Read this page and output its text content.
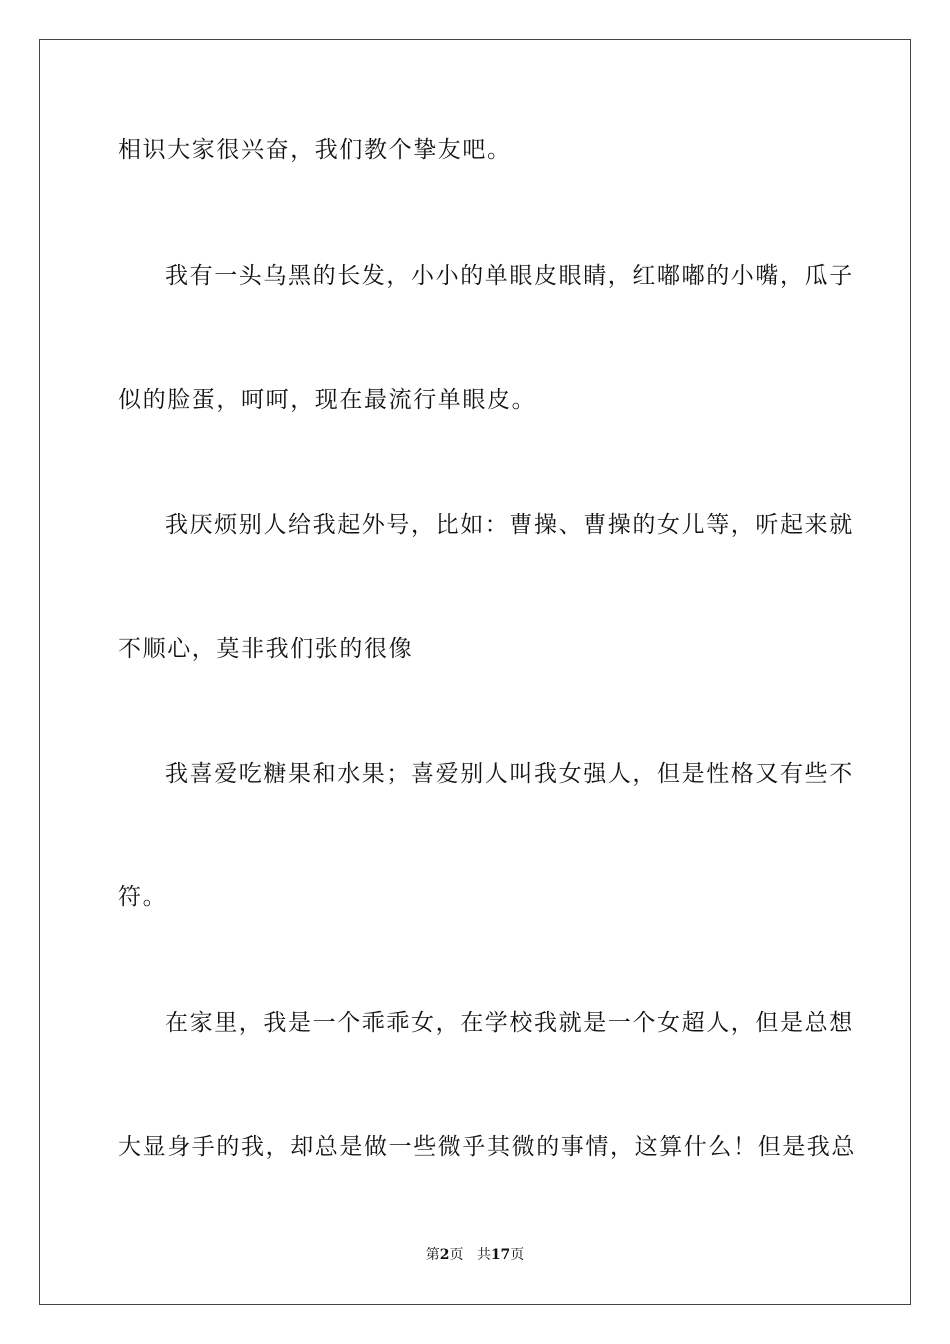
相识大家很兴奋，我们教个挚友吧。
我有一头乌黑的长发，小小的单眼皮眼睛，红嘟嘟的小嘴，瓜子
似的脸蛋，呵呵，现在最流行单眼皮。
我厌烦别人给我起外号，比如：曹操、曹操的女儿等，听起来就
不顺心，莫非我们张的很像
我喜爱吃糖果和水果；喜爱别人叫我女强人，但是性格又有些不
符。
在家里，我是一个乖乖女，在学校我就是一个女超人，但是总想
大显身手的我，却总是做一些微乎其微的事情，这算什么！但是我总
第2页 共17页
